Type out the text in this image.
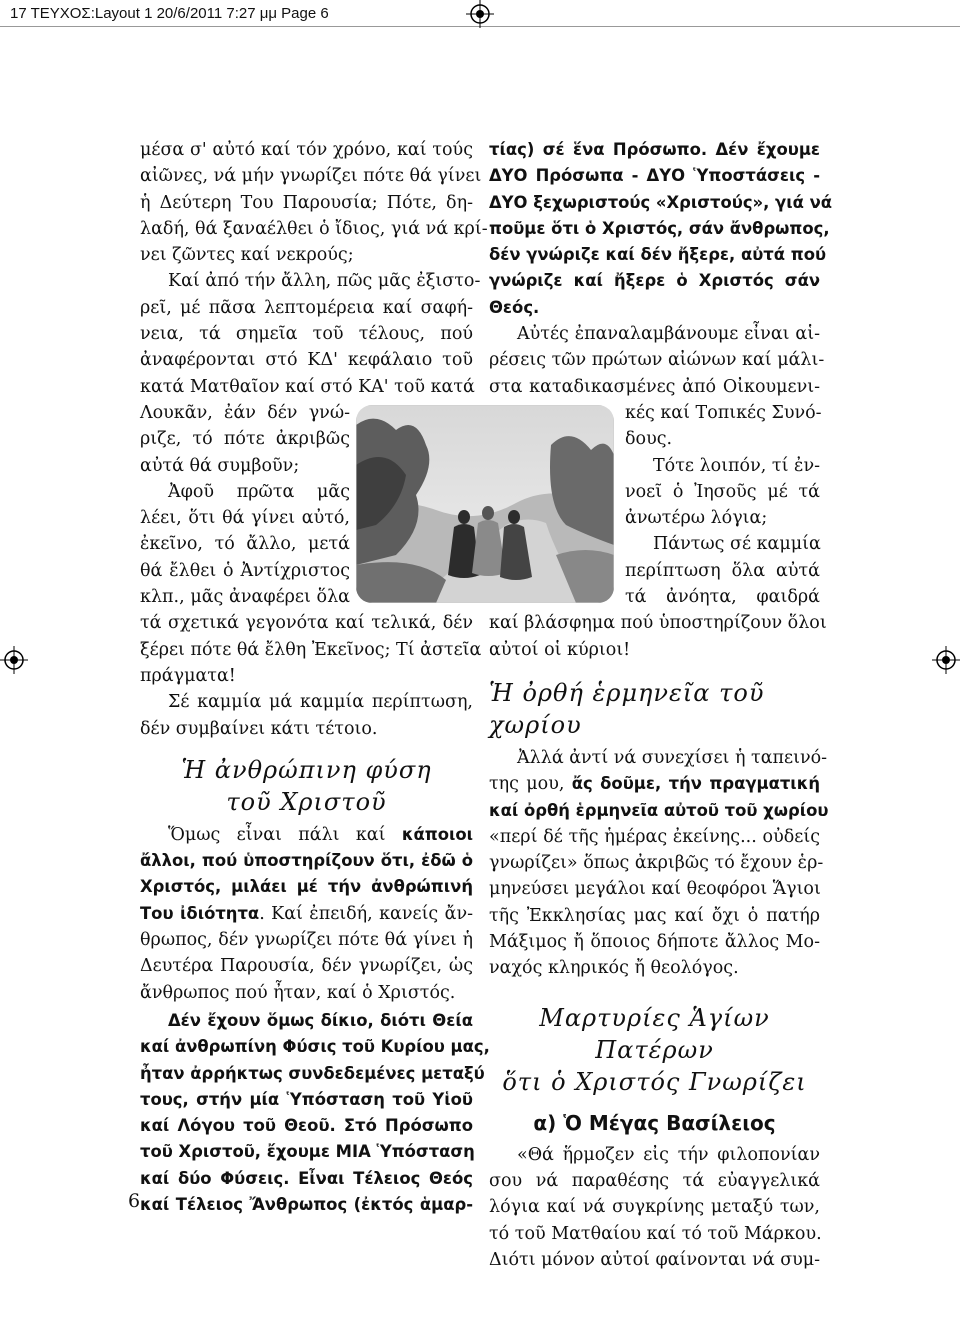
17 ΤΕΥΧΟΣ:Layout 1 20/6/2011 7:27 μμ Page 6

μέσα σ' αὐτό καί τόν χρόνο, καί τούς
αἰῶνες, νά μήν γνωρίζει πότε θά γίνει
ἡ Δεύτερη Του Παρουσία; Πότε, δη-
λαδή, θά ξαναέλθει ὁ ἴδιος, γιά νά κρί-
νει ζῶντες καί νεκρούς;

Καί ἀπό τήν ἄλλη, πῶς μᾶς ἐξιστο-
ρεῖ, μέ πᾶσα λεπτομέρεια καί σαφή-
νεια, τά σημεῖα τοῦ τέλους, πού
ἀναφέρονται στό ΚΔ' κεφάλαιο τοῦ
κατά Ματθαῖον καί στό ΚΑ' τοῦ κατά
Λουκᾶν, ἐάν δέν γνώ-
ριζε, τό πότε ἀκριβῶς
αὐτά θά συμβοῦν;

Ἀφοῦ πρῶτα μᾶς
λέει, ὅτι θά γίνει αὐτό,
ἐκεῖνο, τό ἄλλο, μετά
θά ἔλθει ὁ Ἀντίχριστος
κλπ., μᾶς ἀναφέρει ὅλα
τά σχετικά γεγονότα καί τελικά, δέν
ξέρει πότε θά ἔλθη Ἐκεῖνος; Τί ἀστεῖα
πράγματα!

Σέ καμμία μά καμμία περίπτωση,
δέν συμβαίνει κάτι τέτοιο.

Ἡ ἀνθρώπινη φύση
τοῦ Χριστοῦ

Ὅμως εἶναι πάλι καί κάποιοι
ἄλλοι, πού ὑποστηρίζουν ὅτι, ἐδῶ ὁ
Χριστός, μιλάει μέ τήν ἀνθρώπινή
Του ἰδιότητα. Καί ἐπειδή, κανείς ἄν-
θρωπος, δέν γνωρίζει πότε θά γίνει ἡ
Δευτέρα Παρουσία, δέν γνωρίζει, ὡς
ἄνθρωπος πού ἦταν, καί ὁ Χριστός.

Δέν ἔχουν ὅμως δίκιο, διότι Θεία
καί ἀνθρωπίνη Φύσις τοῦ Κυρίου μας,
ἦταν ἀρρήκτως συνδεδεμένες μεταξύ
τους, στήν μία Ὑπόσταση τοῦ Υἱοῦ
καί Λόγου τοῦ Θεοῦ. Στό Πρόσωπο
τοῦ Χριστοῦ, ἔχουμε ΜΙΑ Ὑπόσταση
καί δύο Φύσεις. Εἶναι Τέλειος Θεός
καί Τέλειος Ἄνθρωπος (ἐκτός ἁμαρ-

τίας) σέ ἕνα Πρόσωπο. Δέν ἔχουμε
ΔΥΟ Πρόσωπα - ΔΥΟ Ὑποστάσεις -
ΔΥΟ ξεχωριστούς «Χριστούς», γιά νά
ποῦμε ὅτι ὁ Χριστός, σάν ἄνθρωπος,
δέν γνώριζε καί δέν ἤξερε, αὐτά πού
γνώριζε καί ἤξερε ὁ Χριστός σάν
Θεός.

Αὐτές ἐπαναλαμβάνουμε εἶναι αἱ-
ρέσεις τῶν πρώτων αἰώνων καί μάλι-
στα καταδικασμένες ἀπό Οἰκουμενι-
κές καί Τοπικές Συνό-
δους.

Τότε λοιπόν, τί ἐν-
νοεῖ ὁ Ἰησοῦς μέ τά
ἀνωτέρω λόγια;

Πάντως σέ καμμία
περίπτωση ὅλα αὐτά
τά ἀνόητα, φαιδρά
καί βλάσφημα πού ὑποστηρίζουν ὅλοι
αὐτοί οἱ κύριοι!

Ἡ ὀρθή ἑρμηνεῖα τοῦ χωρίου

Ἀλλά ἀντί νά συνεχίσει ἡ ταπεινό-
της μου, ἄς δοῦμε, τήν πραγματική
καί ὀρθή ἑρμηνεῖα αὐτοῦ τοῦ χωρίου
«περί δέ τῆς ἡμέρας ἐκείνης... οὐδείς
γνωρίζει» ὅπως ἀκριβῶς τό ἔχουν ἑρ-
μηνεύσει μεγάλοι καί θεοφόροι Ἅγιοι
τῆς Ἐκκλησίας μας καί ὄχι ὁ πατήρ
Μάξιμος ἤ ὅποιος δήποτε ἄλλος Μο-
ναχός κληρικός ἤ θεολόγος.

Μαρτυρίες Ἁγίων Πατέρων
ὅτι ὁ Χριστός Γνωρίζει
α) Ὁ Μέγας Βασίλειος

«Θά ἥρμοζεν εἰς τήν φιλοπονίαν
σου νά παραθέσης τά εὐαγγελικά
λόγια καί νά συγκρίνης μεταξύ των,
τό τοῦ Ματθαίου καί τό τοῦ Μάρκου.
Διότι μόνον αὐτοί φαίνονται νά συμ-

6
